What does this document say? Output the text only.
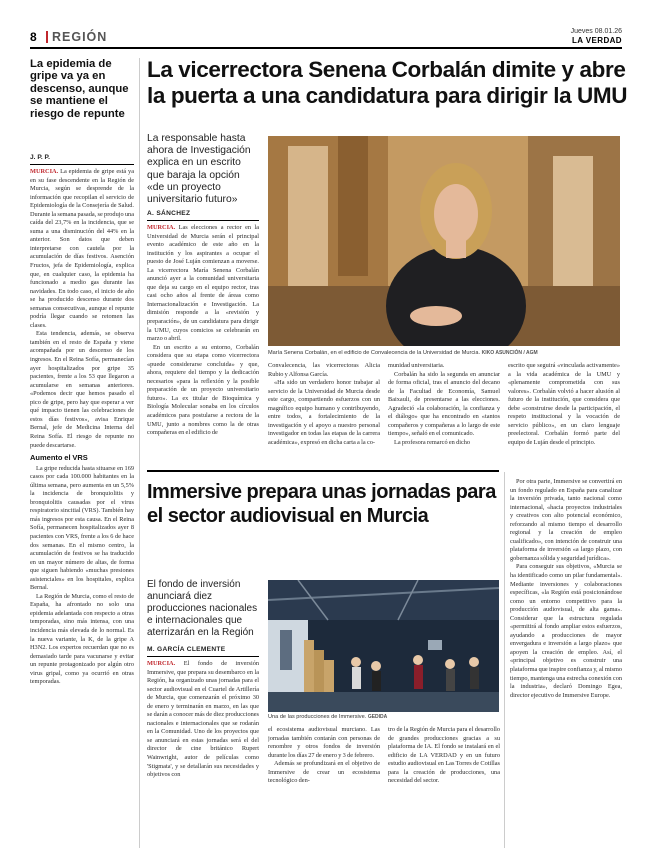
8 REGIÓN	Jueves 08.01.26
LA VERDAD
La epidemia de gripe va ya en descenso, aunque se mantiene el riesgo de repunte
J. P. P.

MURCIA. La epidemia de gripe está ya en su fase descendente en la Región de Murcia, según se desprende de la información que recopilan el servicio de Epidemiología de la Consejería de Salud. Durante la semana pasada, se produjo una caída del 23,7% en la incidencia, que se suma a una disminución del 44% en la anterior. Son datos que deben interpretarse con cautela por la acumulación de días festivos. Asención Fructos, jefa de Epidemiología, explica que, en cualquier caso, la epidemia ha funcionado a medio gas durante las navidades. En todo caso, el inicio de año se ha producido descenso durante dos semanas consecutivas, aunque el repunte podría llegar cuando se retomen las clases.

Esta tendencia, además, se observa también en el resto de España y viene acompañada por un descenso de los ingresos. En el Reina Sofía, permanecían ayer hospitalizados por gripe 35 pacientes, frente a los 53 que llegaron a acumularse en semanas anteriores. «Podemos decir que hemos pasado el pico de gripe, pero hay que esperar a ver qué impacto tienen las celebraciones de estos días festivos», avisa Enrique Bernal, jefe de Medicina Interna del Reina Sofía. El riesgo de repunte no puede descartarse.

Aumento el VRS

La gripe reducida hasta situarse en 169 casos por cada 100.000 habitantes en la última semana, pero aumenta en un 5,5% la incidencia de bronquiolitis y bronquiolitis causadas por el virus respiratorio sincitial (VRS). También hay más ingresos por esta causa. En el Reina Sofía, permanecen hospitalizados ayer 8 pacientes con VRS, frente a los 6 de hace dos semanas. En el mismo centro, la acumulación de festivos se ha traducido en un mayor número de altas, de forma que siguen habiendo «muchas presiones asistenciales» en los hospitales, explica Bernal.

La Región de Murcia, como el resto de España, ha afrontado no solo una epidemia adelantada con respecto a otras temporadas, sino más intensa, con una incidencia más elevada de lo normal. Es la nueva variante, la K, de la gripe A H3N2. Los expertos recuerdan que no es demasiado tarde para vacunarse y evitar un repunte protagonizado por algún otro virus gripal, como ya ocurrió en otras temporadas.

La vicerrectora Senena Corbalán dimite y abre la puerta a una candidatura para dirigir la UMU
La responsable hasta ahora de Investigación explica en un escrito que baraja la opción «de un proyecto universitario futuro»
A. SÁNCHEZ
María Senena Corbalán, en el edificio de Convalecencia de la Universidad de Murcia. KIKO ASUNCIÓN / AGM

MURCIA. Las elecciones a rector en la Universidad de Murcia serán el principal evento académico de este año en la institución y los aspirantes a ocupar el puesto de José Luján comienzan a moverse. La vicerrectora María Senena Corbalán anunció ayer a la comunidad universitaria que deja su cargo en el equipo rector, tras casi ocho años al frente de áreas como Internacionalización e Investigación. La dimisión responde a la «revisión y preparación», de un candidatura para dirigir la UMU, cuyos comicios se celebrarán en marzo o abril.

En un escrito a su entorno, Corbalán considera que su etapa como vicerrectora «puede considerarse concluida» y que, ahora, requiere del tiempo y la dedicación necesarios «para la reflexión y la posible preparación de un proyecto universitario futuro». La ex titular de Bioquímica y Biología Molecular sonaba en los círculos académicos para postularse a rectora de la UMU, junto a nombres como la de otras compañeras en el edificio de

Convalecencia, las vicerrectoras Alicia Rubio y Alfonsa García.

«Ha sido un verdadero honor trabajar al servicio de la Universidad de Murcia desde este cargo, compartiendo esfuerzos con un magnífico equipo humano y contribuyendo, entre todos, a fortalecimiento de la investigación y el apoyo a nuestro personal investigador en todas las etapas de la carrera académica», expresó en dicha carta a la co-

munidad universitaria.

Corbalán ha sido la segunda en anunciar de forma oficial, tras el anuncio del decano de la Facultad de Economía, Samuel Baixauli, de presentarse a las elecciones. Agradeció «la colaboración, la confianza y el diálogo» que ha encontrado en «tantos compañeros y compañeras a lo largo de este tiempo», señaló en el comunicado.

La profesora remarcó en dicho

escrito que seguirá «vinculada activamente» a la vida académica de la UMU y «plenamente comprometida con sus valores». Corbalán volvió a hacer alusión al futuro de la institución, que considera que debe «construirse desde la participación, el respeto institucional y la vocación de servicio público», en un claro lenguaje preelectoral. Corbalán formó parte del equipo de Luján desde el principio.

Immersive prepara unas jornadas para el sector audiovisual en Murcia
El fondo de inversión anunciará diez producciones nacionales e internacionales que aterrizarán en la Región
M. GARCÍA CLEMENTE
Una de las producciones de Immersive. GEDIDA

MURCIA. El fondo de inversión Immersive, que prepara su desembarco en la Región, ha organizado unas jornadas para el sector audiovisual en el Cuartel de Artillería de Murcia, que comenzarán el próximo 30 de enero y terminarán en marzo, en las que se darán a conocer más de diez producciones nacionales e internacionales que se rodarán en la Comunidad. Uno de los proyectos que se anunciará en estas jornadas será el del director de cine británico Rupert Wainwright, autor de películas como 'Stigmata', y se detallarán sus necesidades y objetivos con

el ecosistema audiovisual murciano. Las jornadas también contarán con personas de renombre y otros fondos de inversión durante los días 27 de enero y 3 de febrero.

Además se profundizará en el objetivo de Immersive de crear un ecosistema tecnológico den-

tro de la Región de Murcia para el desarrollo de grandes producciones gracias a su plataforma de IA. El fondo se instalará en el edificio de LA VERDAD y en un futuro estudio audiovisual en Las Torres de Cotillas para la creación de producciones, una necesidad del sector.

Por otra parte, Immersive se convertirá en un fondo regulado en España para canalizar la inversión privada, tanto nacional como internacional, «hacia proyectos industriales y creativos con alto potencial económico, reforzando al mismo tiempo el desarrollo regional y la creación de empleo cualificado», con intención de construir una plataforma de inversión «a largo plazo, con gobernanza sólida y seguridad jurídica».

Para conseguir sus objetivos, «Murcia se ha identificado como un pilar fundamental». Mediante inversiones y colaboraciones específicas, «la Región está posicionándose como un entorno competitivo para la producción audiovisual, de alta gama». Considerar que la estructura regulada «permitirá al fondo ampliar estos esfuerzos, ayudando a producciones de mayor envergadura e inversión a largo plazo» que apoyen la creación de empleo. Así, el «principal objetivo es construir una plataforma que inspire confianza y, al mismo tiempo, mantenga una estrecha conexión con la industria», declaró Domingo Egea, director ejecutivo de Immersive Europe.
